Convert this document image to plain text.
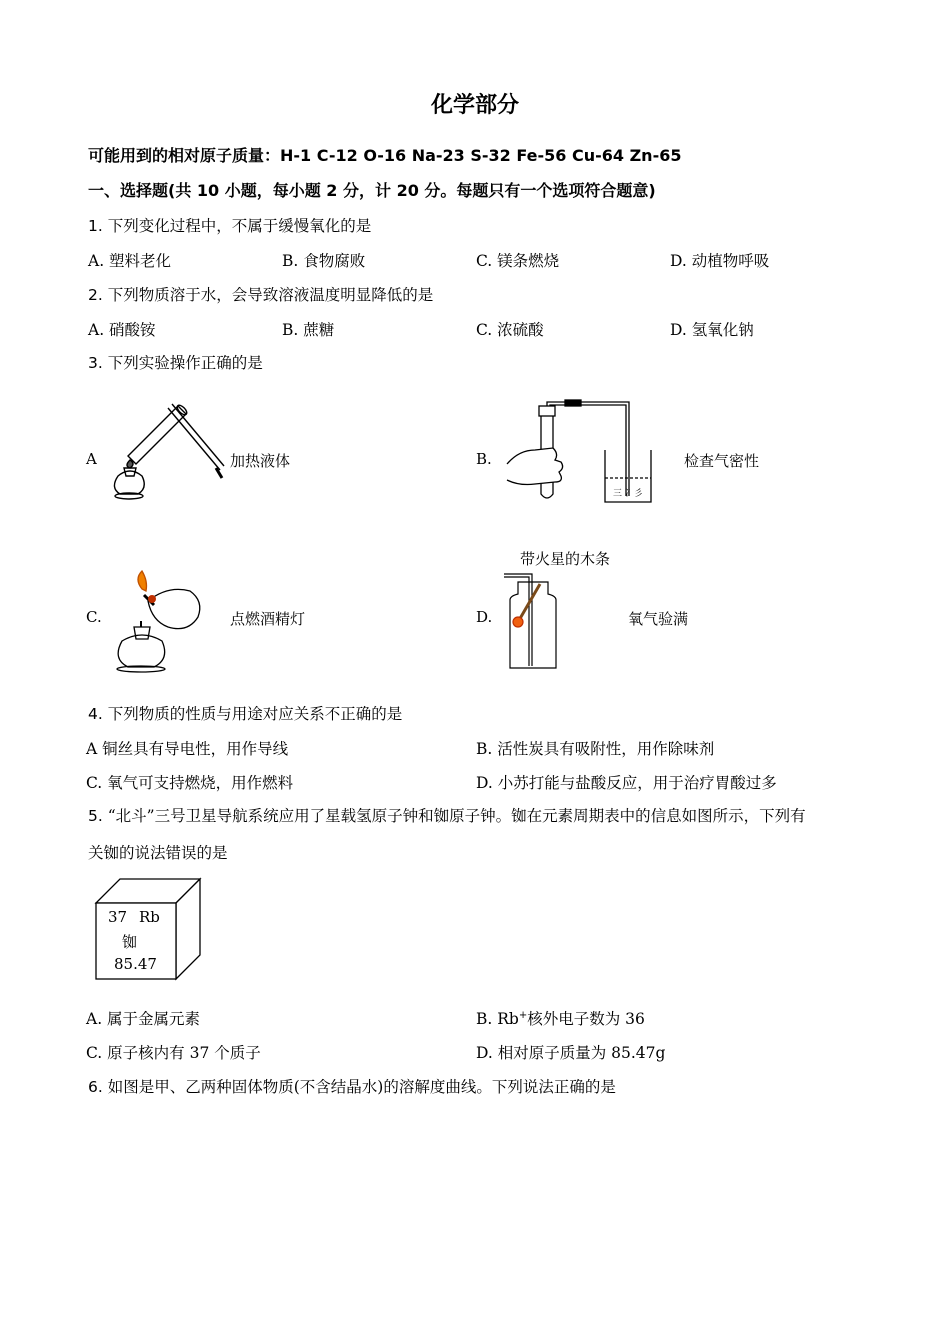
化学部分
可能用到的相对原子质量：H-1 C-12 O-16 Na-23 S-32 Fe-56 Cu-64 Zn-65
一、选择题(共 10 小题，每小题 2 分，计 20 分。每题只有一个选项符合题意)
1. 下列变化过程中，不属于缓慢氧化的是
A. 塑料老化	B. 食物腐败	C. 镁条燃烧	D. 动植物呼吸
2. 下列物质溶于水，会导致溶液温度明显降低的是
A. 硝酸铵	B. 蔗糖	C. 浓硫酸	D. 氢氧化钠
3. 下列实验操作正确的是
A	加热液体	B.
三 冫彡
检查气密性
C.	点燃酒精灯	D.
带火星的木条
氧气验满
4. 下列物质的性质与用途对应关系不正确的是
A 铜丝具有导电性，用作导线	B. 活性炭具有吸附性，用作除味剂
C. 氧气可支持燃烧，用作燃料	D. 小苏打能与盐酸反应，用于治疗胃酸过多
5. “北斗”三号卫星导航系统应用了星载氢原子钟和铷原子钟。铷在元素周期表中的信息如图所示，下列有
关铷的说法错误的是
37 Rb
铷
85.47
A. 属于金属元素	B. Rb+核外电子数为 36
C. 原子核内有 37 个质子	D. 相对原子质量为 85.47g
6. 如图是甲、乙两种固体物质(不含结晶水)的溶解度曲线。下列说法正确的是
